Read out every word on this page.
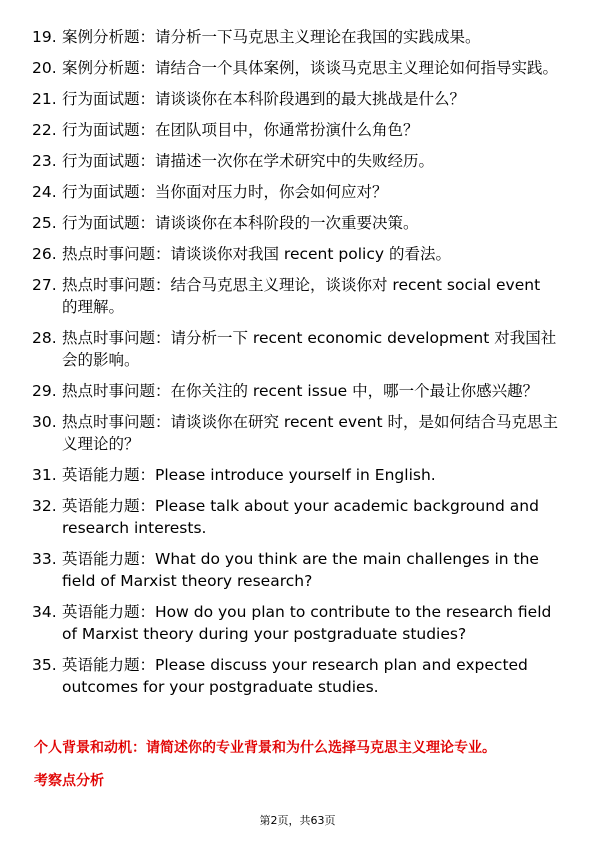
19. 案例分析题：请分析一下马克思主义理论在我国的实践成果。
20. 案例分析题：请结合一个具体案例，谈谈马克思主义理论如何指导实践。
21. 行为面试题：请谈谈你在本科阶段遇到的最大挑战是什么？
22. 行为面试题：在团队项目中，你通常扮演什么角色？
23. 行为面试题：请描述一次你在学术研究中的失败经历。
24. 行为面试题：当你面对压力时，你会如何应对？
25. 行为面试题：请谈谈你在本科阶段的一次重要决策。
26. 热点时事问题：请谈谈你对我国 recent policy 的看法。
27. 热点时事问题：结合马克思主义理论，谈谈你对 recent social event 的理解。
28. 热点时事问题：请分析一下 recent economic development 对我国社会的影响。
29. 热点时事问题：在你关注的 recent issue 中，哪一个最让你感兴趣？
30. 热点时事问题：请谈谈你在研究 recent event 时，是如何结合马克思主义理论的？
31. 英语能力题：Please introduce yourself in English.
32. 英语能力题：Please talk about your academic background and research interests.
33. 英语能力题：What do you think are the main challenges in the field of Marxist theory research?
34. 英语能力题：How do you plan to contribute to the research field of Marxist theory during your postgraduate studies?
35. 英语能力题：Please discuss your research plan and expected outcomes for your postgraduate studies.
个人背景和动机：请简述你的专业背景和为什么选择马克思主义理论专业。
考察点分析
第2页，共63页
